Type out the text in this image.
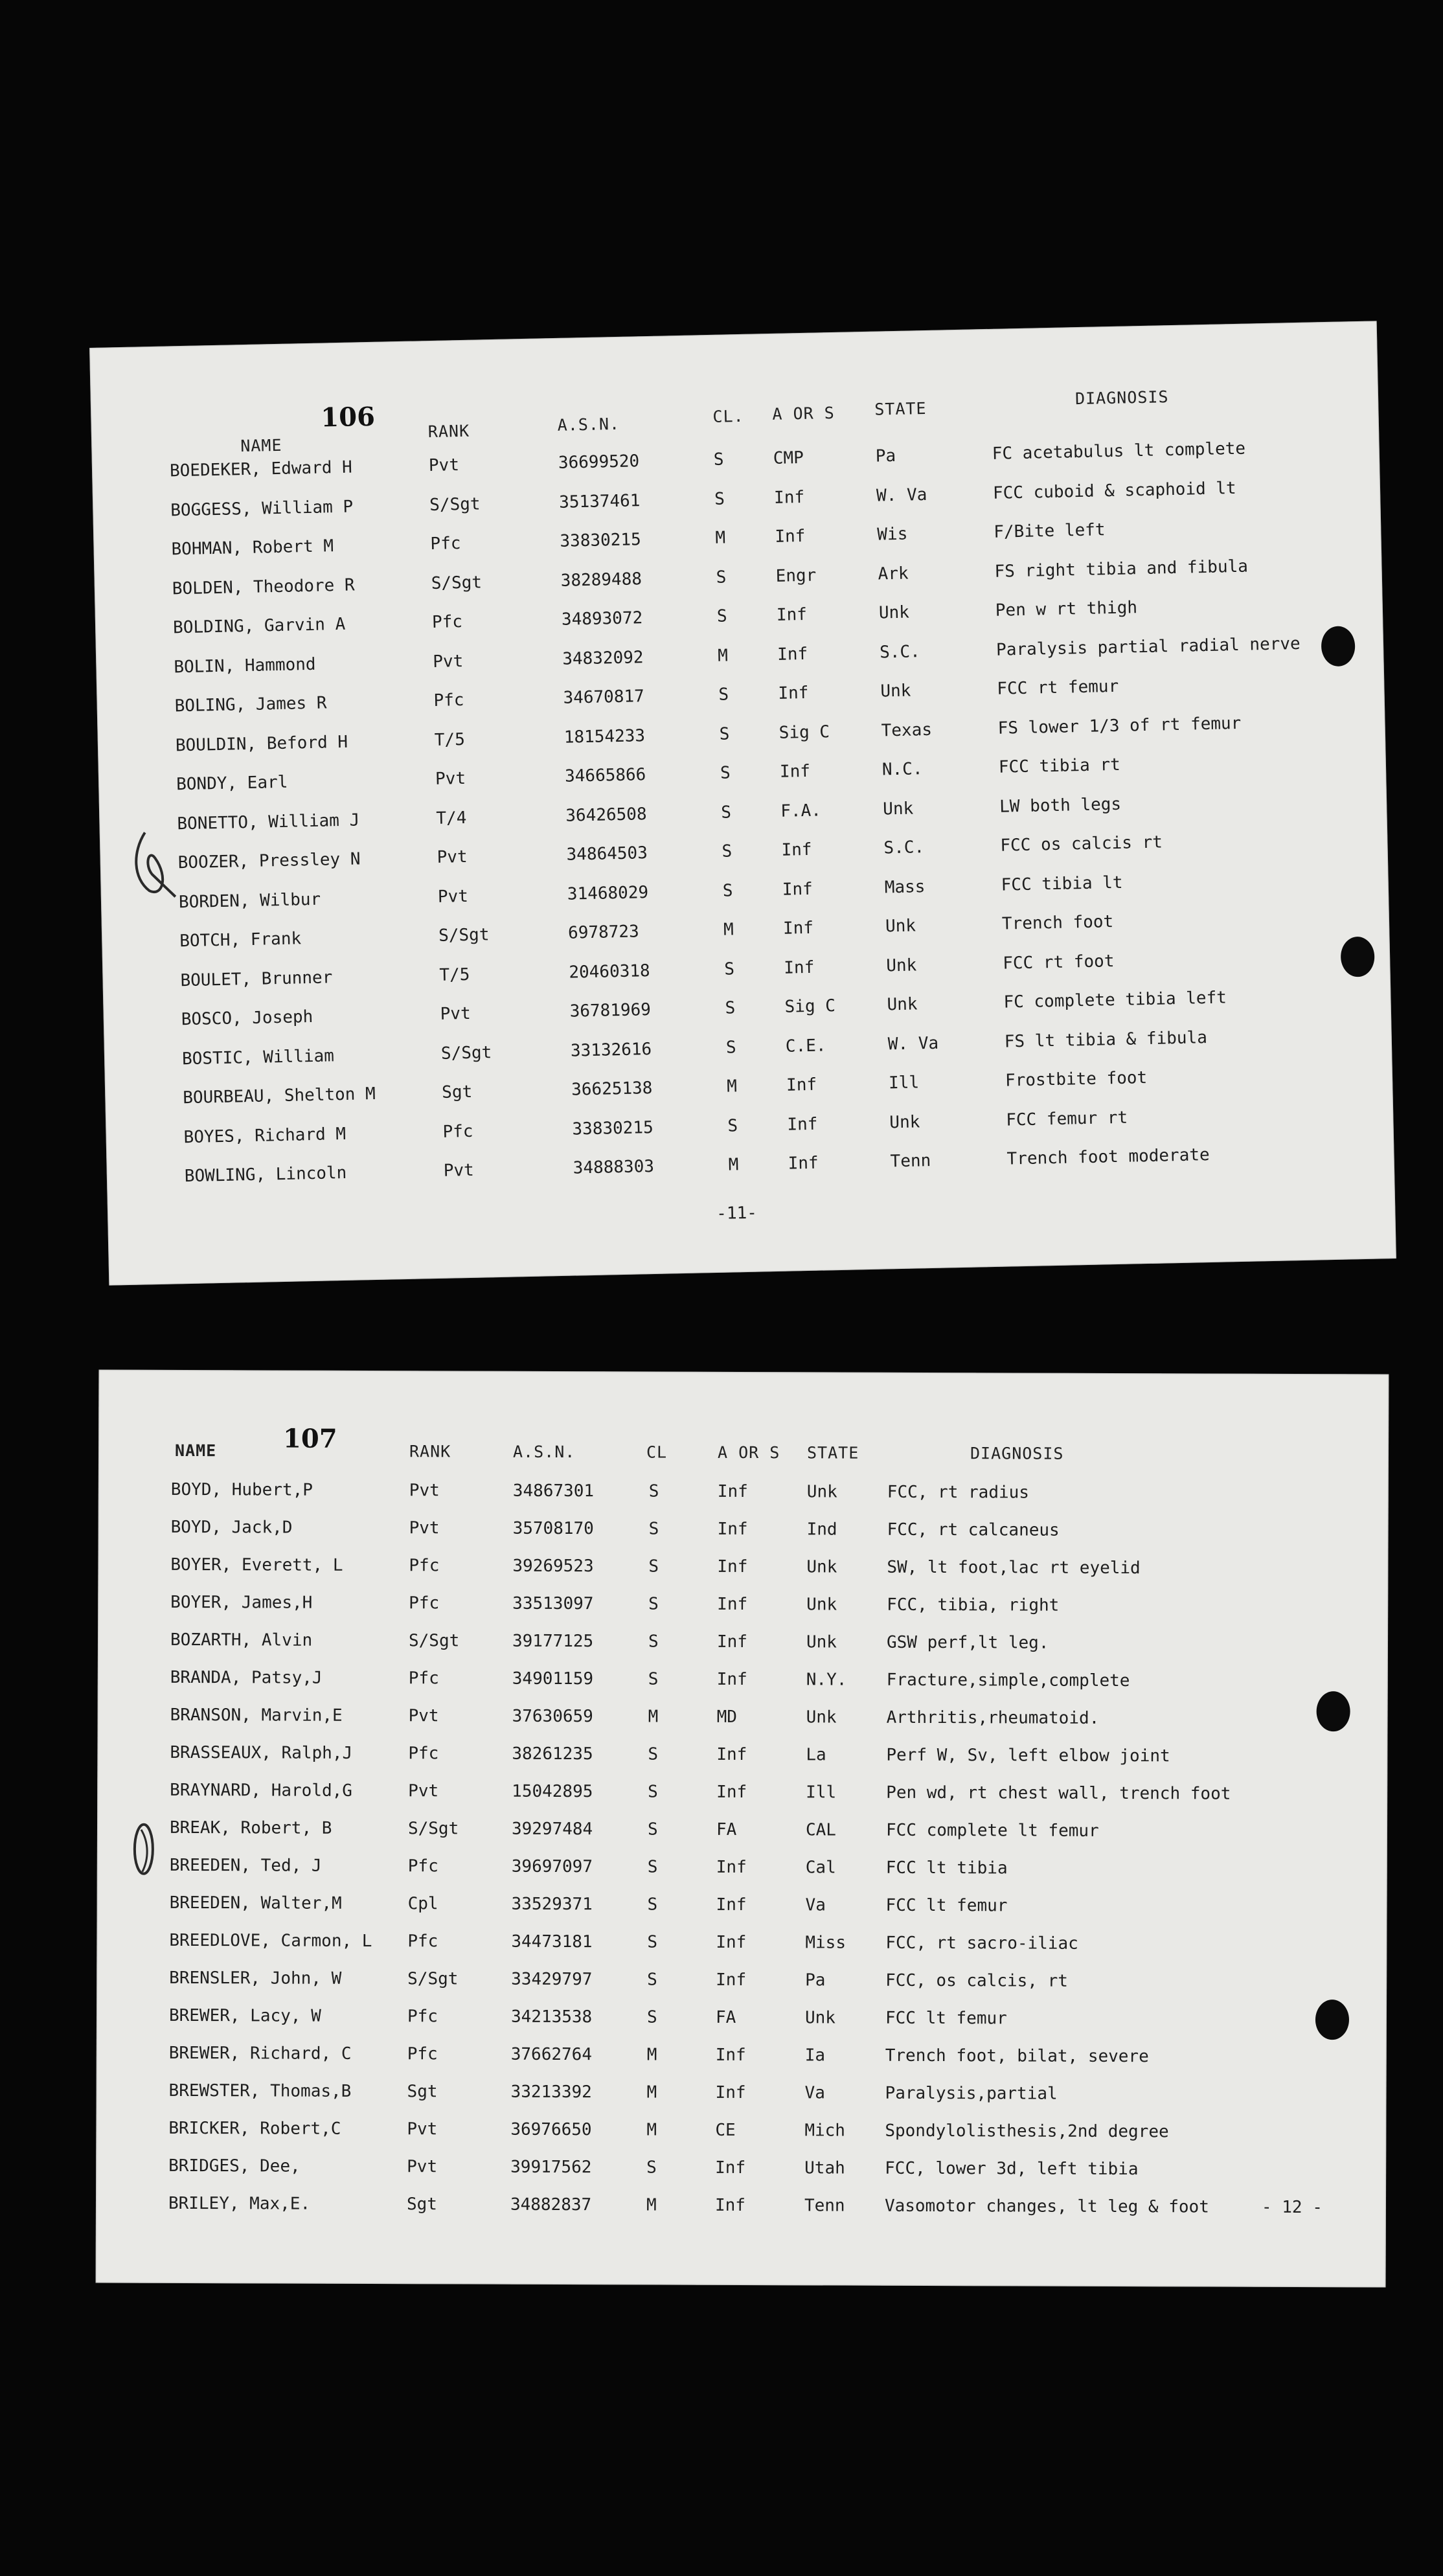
106
NAME
RANK	A.S.N.	CL. A OR S STATE
DIAGNOSIS
BOEDEKER, Edward H	Pvt	36699520	S	CMP	Pa	FC acetabulus lt complete
BOGGESS, William P	S/Sgt	35137461	S	Inf	W. Va	FCC cuboid & scaphoid lt
BOHMAN, Robert M	Pfc	33830215	M	Inf	Wis	F/Bite left
BOLDEN, Theodore R	S/Sgt	38289488	S	Engr	Ark	FS right tibia and fibula
BOLDING, Garvin A	Pfc	34893072	S	Inf	Unk	Pen w rt thigh
BOLIN, Hammond	Pvt	34832092	M	Inf	S.C.	Paralysis partial radial nerve
BOLING, James R	Pfc	34670817	S	Inf	Unk	FCC rt femur
BOULDIN, Beford H	T/5	18154233	S	Sig C	Texas	FS lower 1/3 of rt femur
BONDY, Earl	Pvt	34665866	S	Inf	N.C.	FCC tibia rt
BONETTO, William J	T/4	36426508	S	F.A.	Unk	LW both legs
BOOZER, Pressley N	Pvt	34864503	S	Inf	S.C.	FCC os calcis rt
BORDEN, Wilbur	Pvt	31468029	S	Inf	Mass	FCC tibia lt
BOTCH, Frank	S/Sgt	6978723	M	Inf	Unk	Trench foot
BOULET, Brunner	T/5	20460318	S	Inf	Unk	FCC rt foot
BOSCO, Joseph	Pvt	36781969	S	Sig C	Unk	FC complete tibia left
BOSTIC, William	S/Sgt	33132616	S	C.E.	W. Va	FS lt tibia & fibula
BOURBEAU, Shelton M	Sgt	36625138	M	Inf	Ill	Frostbite foot
BOYES, Richard M	Pfc	33830215	S	Inf	Unk	FCC femur rt
BOWLING, Lincoln	Pvt	34888303	M	Inf	Tenn	Trench foot moderate
-11-
107
NAME	RANK	A.S.N.	CL	A OR S STATE	DIAGNOSIS
BOYD, Hubert,P	Pvt	34867301	S	Inf	Unk	FCC, rt radius
BOYD, Jack,D	Pvt	35708170	S	Inf	Ind	FCC, rt calcaneus
BOYER, Everett, L	Pfc	39269523	S	Inf	Unk	SW, lt foot,lac rt eyelid
BOYER, James,H	Pfc	33513097	S	Inf	Unk	FCC, tibia, right
BOZARTH, Alvin	S/Sgt	39177125	S	Inf	Unk	GSW perf,lt leg.
BRANDA, Patsy,J	Pfc	34901159	S	Inf	N.Y. Fracture,simple,complete
BRANSON, Marvin,E	Pvt	37630659	M	MD	Unk	Arthritis,rheumatoid.
BRASSEAUX, Ralph,J	Pfc	38261235	S	Inf	La	Perf W, Sv, left elbow joint
BRAYNARD, Harold,G	Pvt	15042895	S	Inf	Ill	Pen wd, rt chest wall, trench foot
BREAK, Robert, B	S/Sgt	39297484	S	FA	CAL	FCC complete lt femur
BREEDEN, Ted, J	Pfc	39697097	S	Inf	Cal	FCC lt tibia
BREEDEN, Walter,M	Cpl	33529371	S	Inf	Va	FCC lt femur
BREEDLOVE, Carmon, L Pfc	34473181	S	Inf	Miss FCC, rt sacro-iliac
BRENSLER, John, W	S/Sgt	33429797	S	Inf	Pa	FCC, os calcis, rt
BREWER, Lacy, W	Pfc	34213538	S	FA	Unk	FCC lt femur
BREWER, Richard, C	Pfc	37662764	M	Inf	Ia	Trench foot, bilat, severe
BREWSTER, Thomas,B	Sgt	33213392	M	Inf	Va	Paralysis,partial
BRICKER, Robert,C	Pvt	36976650	M	CE	Mich Spondylolisthesis,2nd degree
BRIDGES, Dee,	Pvt	39917562	S	Inf	Utah FCC, lower 3d, left tibia
BRILEY, Max,E.	Sgt	34882837	M	Inf	Tenn Vasomotor changes, lt leg & foot	- 12 -
